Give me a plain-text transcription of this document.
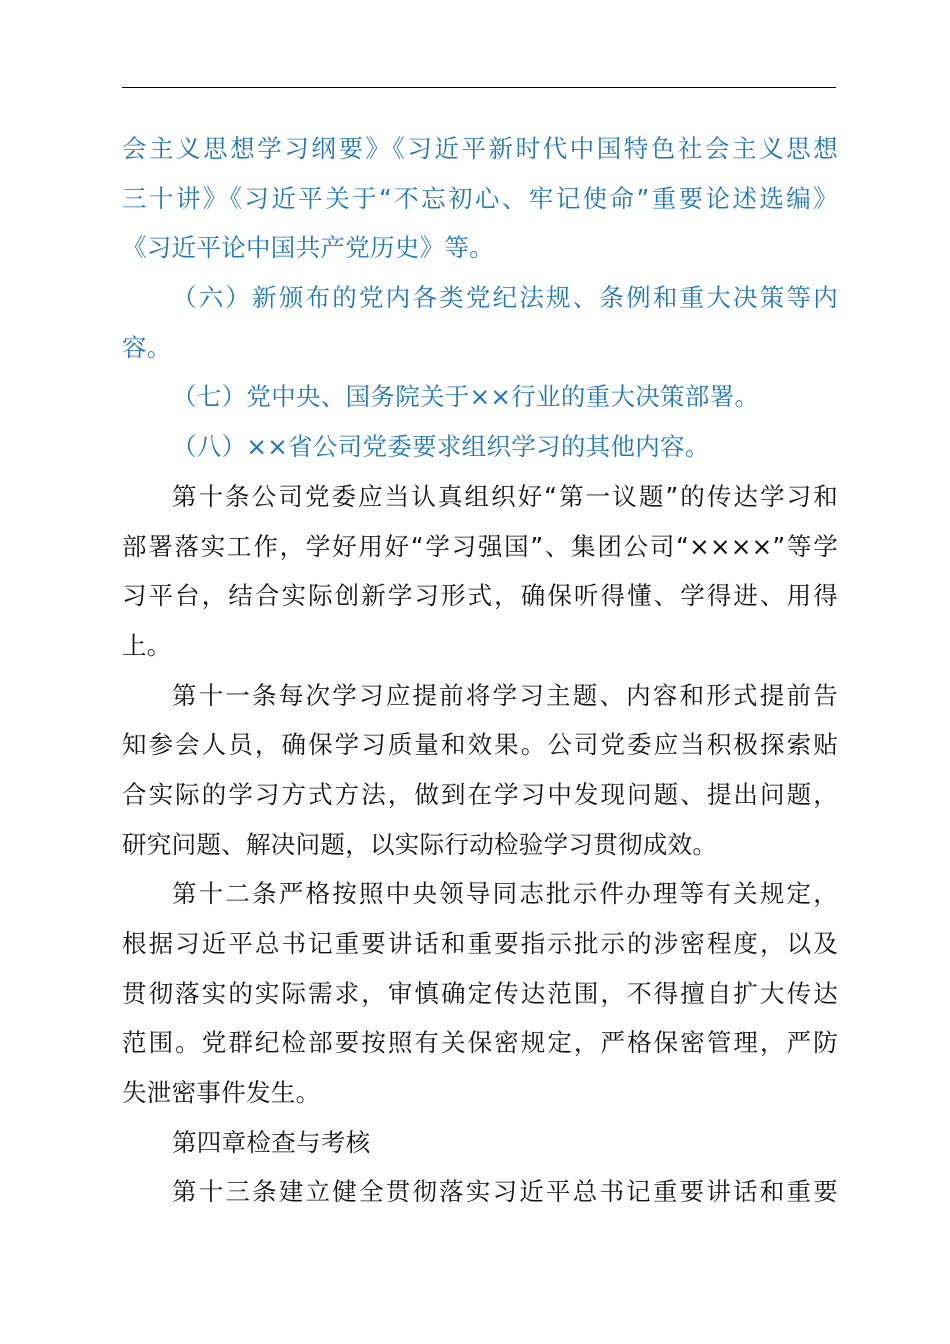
会主义思想学习纲要》《习近平新时代中国特色社会主义思想
三十讲》《习近平关于“不忘初心、牢记使命”重要论述选编》
《习近平论中国共产党历史》等。
（六）新颁布的党内各类党纪法规、条例和重大决策等内
容。
（七）党中央、国务院关于××行业的重大决策部署。
（八）××省公司党委要求组织学习的其他内容。
第十条公司党委应当认真组织好“第一议题”的传达学习和
部署落实工作，学好用好“学习强国”、集团公司“××××”等学
习平台，结合实际创新学习形式，确保听得懂、学得进、用得
上。
第十一条每次学习应提前将学习主题、内容和形式提前告
知参会人员，确保学习质量和效果。公司党委应当积极探索贴
合实际的学习方式方法，做到在学习中发现问题、提出问题，
研究问题、解决问题，以实际行动检验学习贯彻成效。
第十二条严格按照中央领导同志批示件办理等有关规定，
根据习近平总书记重要讲话和重要指示批示的涉密程度，以及
贯彻落实的实际需求，审慎确定传达范围，不得擅自扩大传达
范围。党群纪检部要按照有关保密规定，严格保密管理，严防
失泄密事件发生。
第四章检查与考核
第十三条建立健全贯彻落实习近平总书记重要讲话和重要
